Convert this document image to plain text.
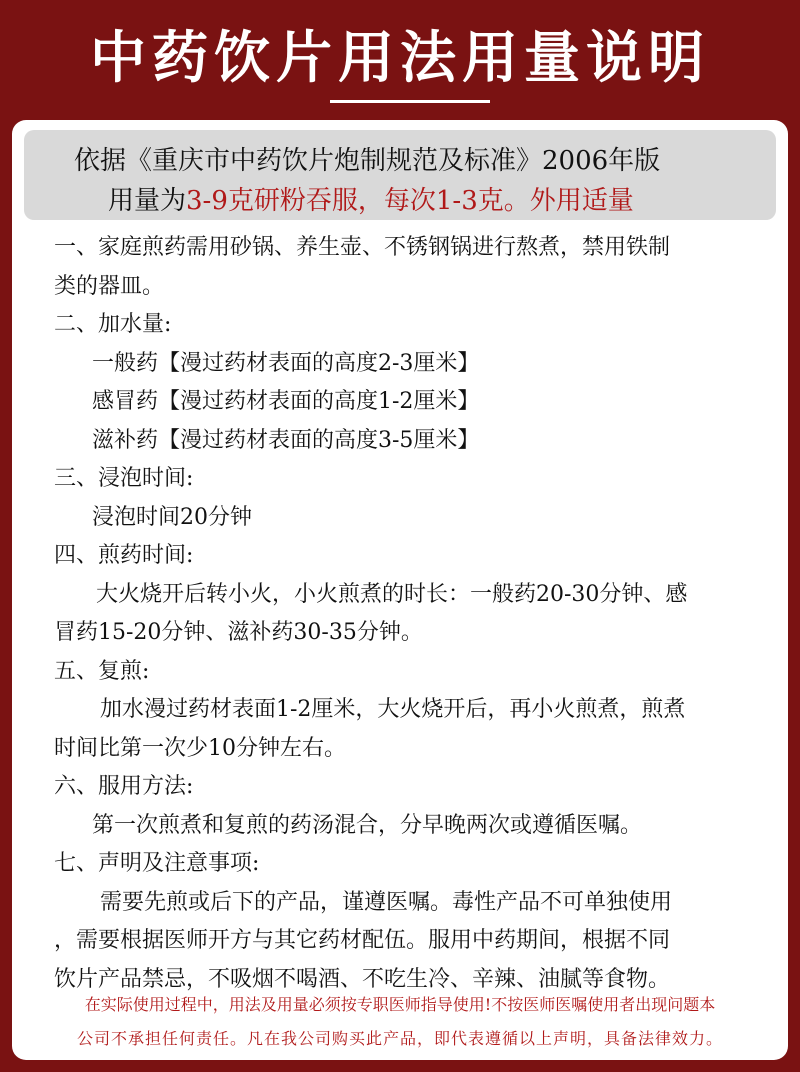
中药饮片用法用量说明
依据《重庆市中药饮片炮制规范及标准》2006年版
用量为3-9克研粉吞服，每次1-3克。外用适量
一、家庭煎药需用砂锅、养生壶、不锈钢锅进行熬煮，禁用铁制
类的器皿。
二、加水量:
一般药【漫过药材表面的高度2-3厘米】
感冒药【漫过药材表面的高度1-2厘米】
滋补药【漫过药材表面的高度3-5厘米】
三、浸泡时间:
浸泡时间20分钟
四、煎药时间:
大火烧开后转小火，小火煎煮的时长：一般药20-30分钟、感
冒药15-20分钟、滋补药30-35分钟。
五、复煎:
加水漫过药材表面1-2厘米，大火烧开后，再小火煎煮，煎煮
时间比第一次少10分钟左右。
六、服用方法:
第一次煎煮和复煎的药汤混合，分早晚两次或遵循医嘱。
七、声明及注意事项:
需要先煎或后下的产品，谨遵医嘱。毒性产品不可单独使用
，需要根据医师开方与其它药材配伍。服用中药期间，根据不同
饮片产品禁忌，不吸烟不喝酒、不吃生冷、辛辣、油腻等食物。
在实际使用过程中，用法及用量必须按专职医师指导使用!不按医师医嘱使用者出现问题本
公司不承担任何责任。凡在我公司购买此产品，即代表遵循以上声明，具备法律效力。
